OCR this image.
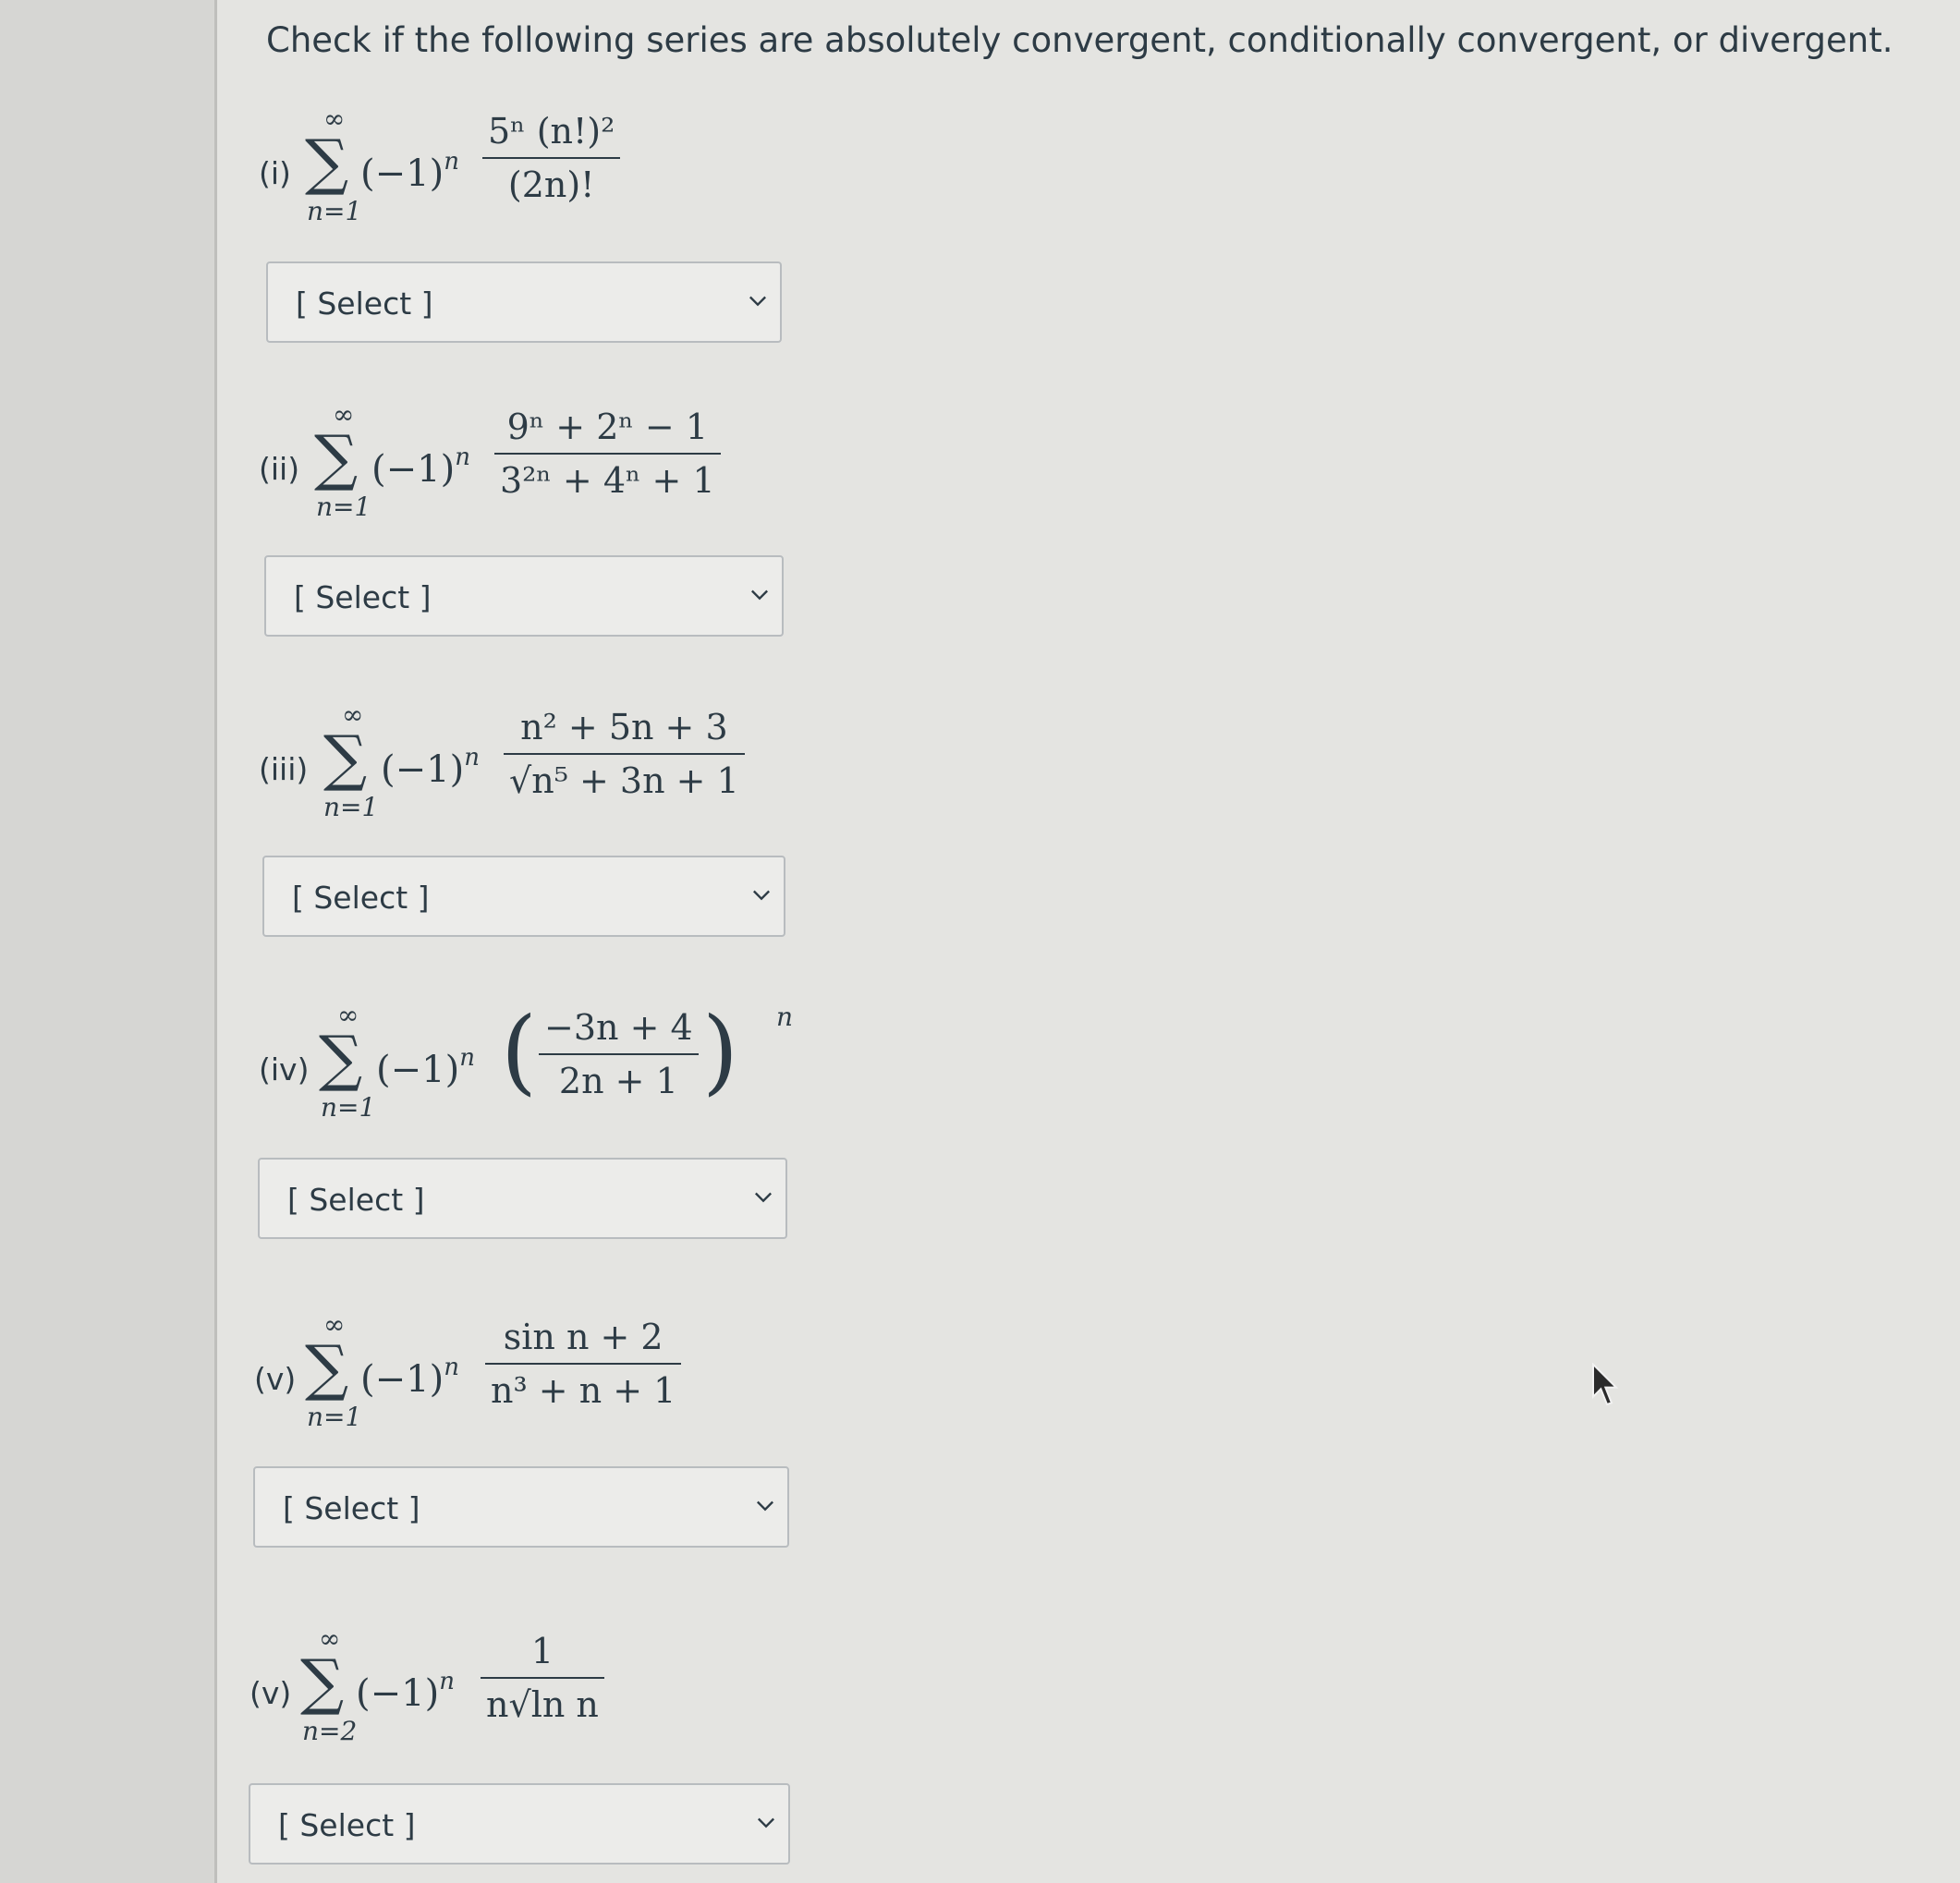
Check if the following series are absolutely convergent, conditionally convergent, or divergent.
(i)
∞
∑
n=1
$(-1)^n$
5ⁿ (n!)²
(2n)!
[ Select ]
(ii)
∞
∑
n=1
$(-1)^n$
9ⁿ + 2ⁿ − 1
3²ⁿ + 4ⁿ + 1
[ Select ]
(iii)
∞
∑
n=1
$(-1)^n$
n² + 5n + 3
√n⁵ + 3n + 1
[ Select ]
(iv)
∞
∑
n=1
$(-1)^n$ ( −3n + 4
2n + 1 ) n
[ Select ]
(v)
∞
∑
n=1
$(-1)^n$
sin n + 2
n³ + n + 1
[ Select ]
(v)
∞
∑
n=2
$(-1)^n$
1
n√ln n
[ Select ]
